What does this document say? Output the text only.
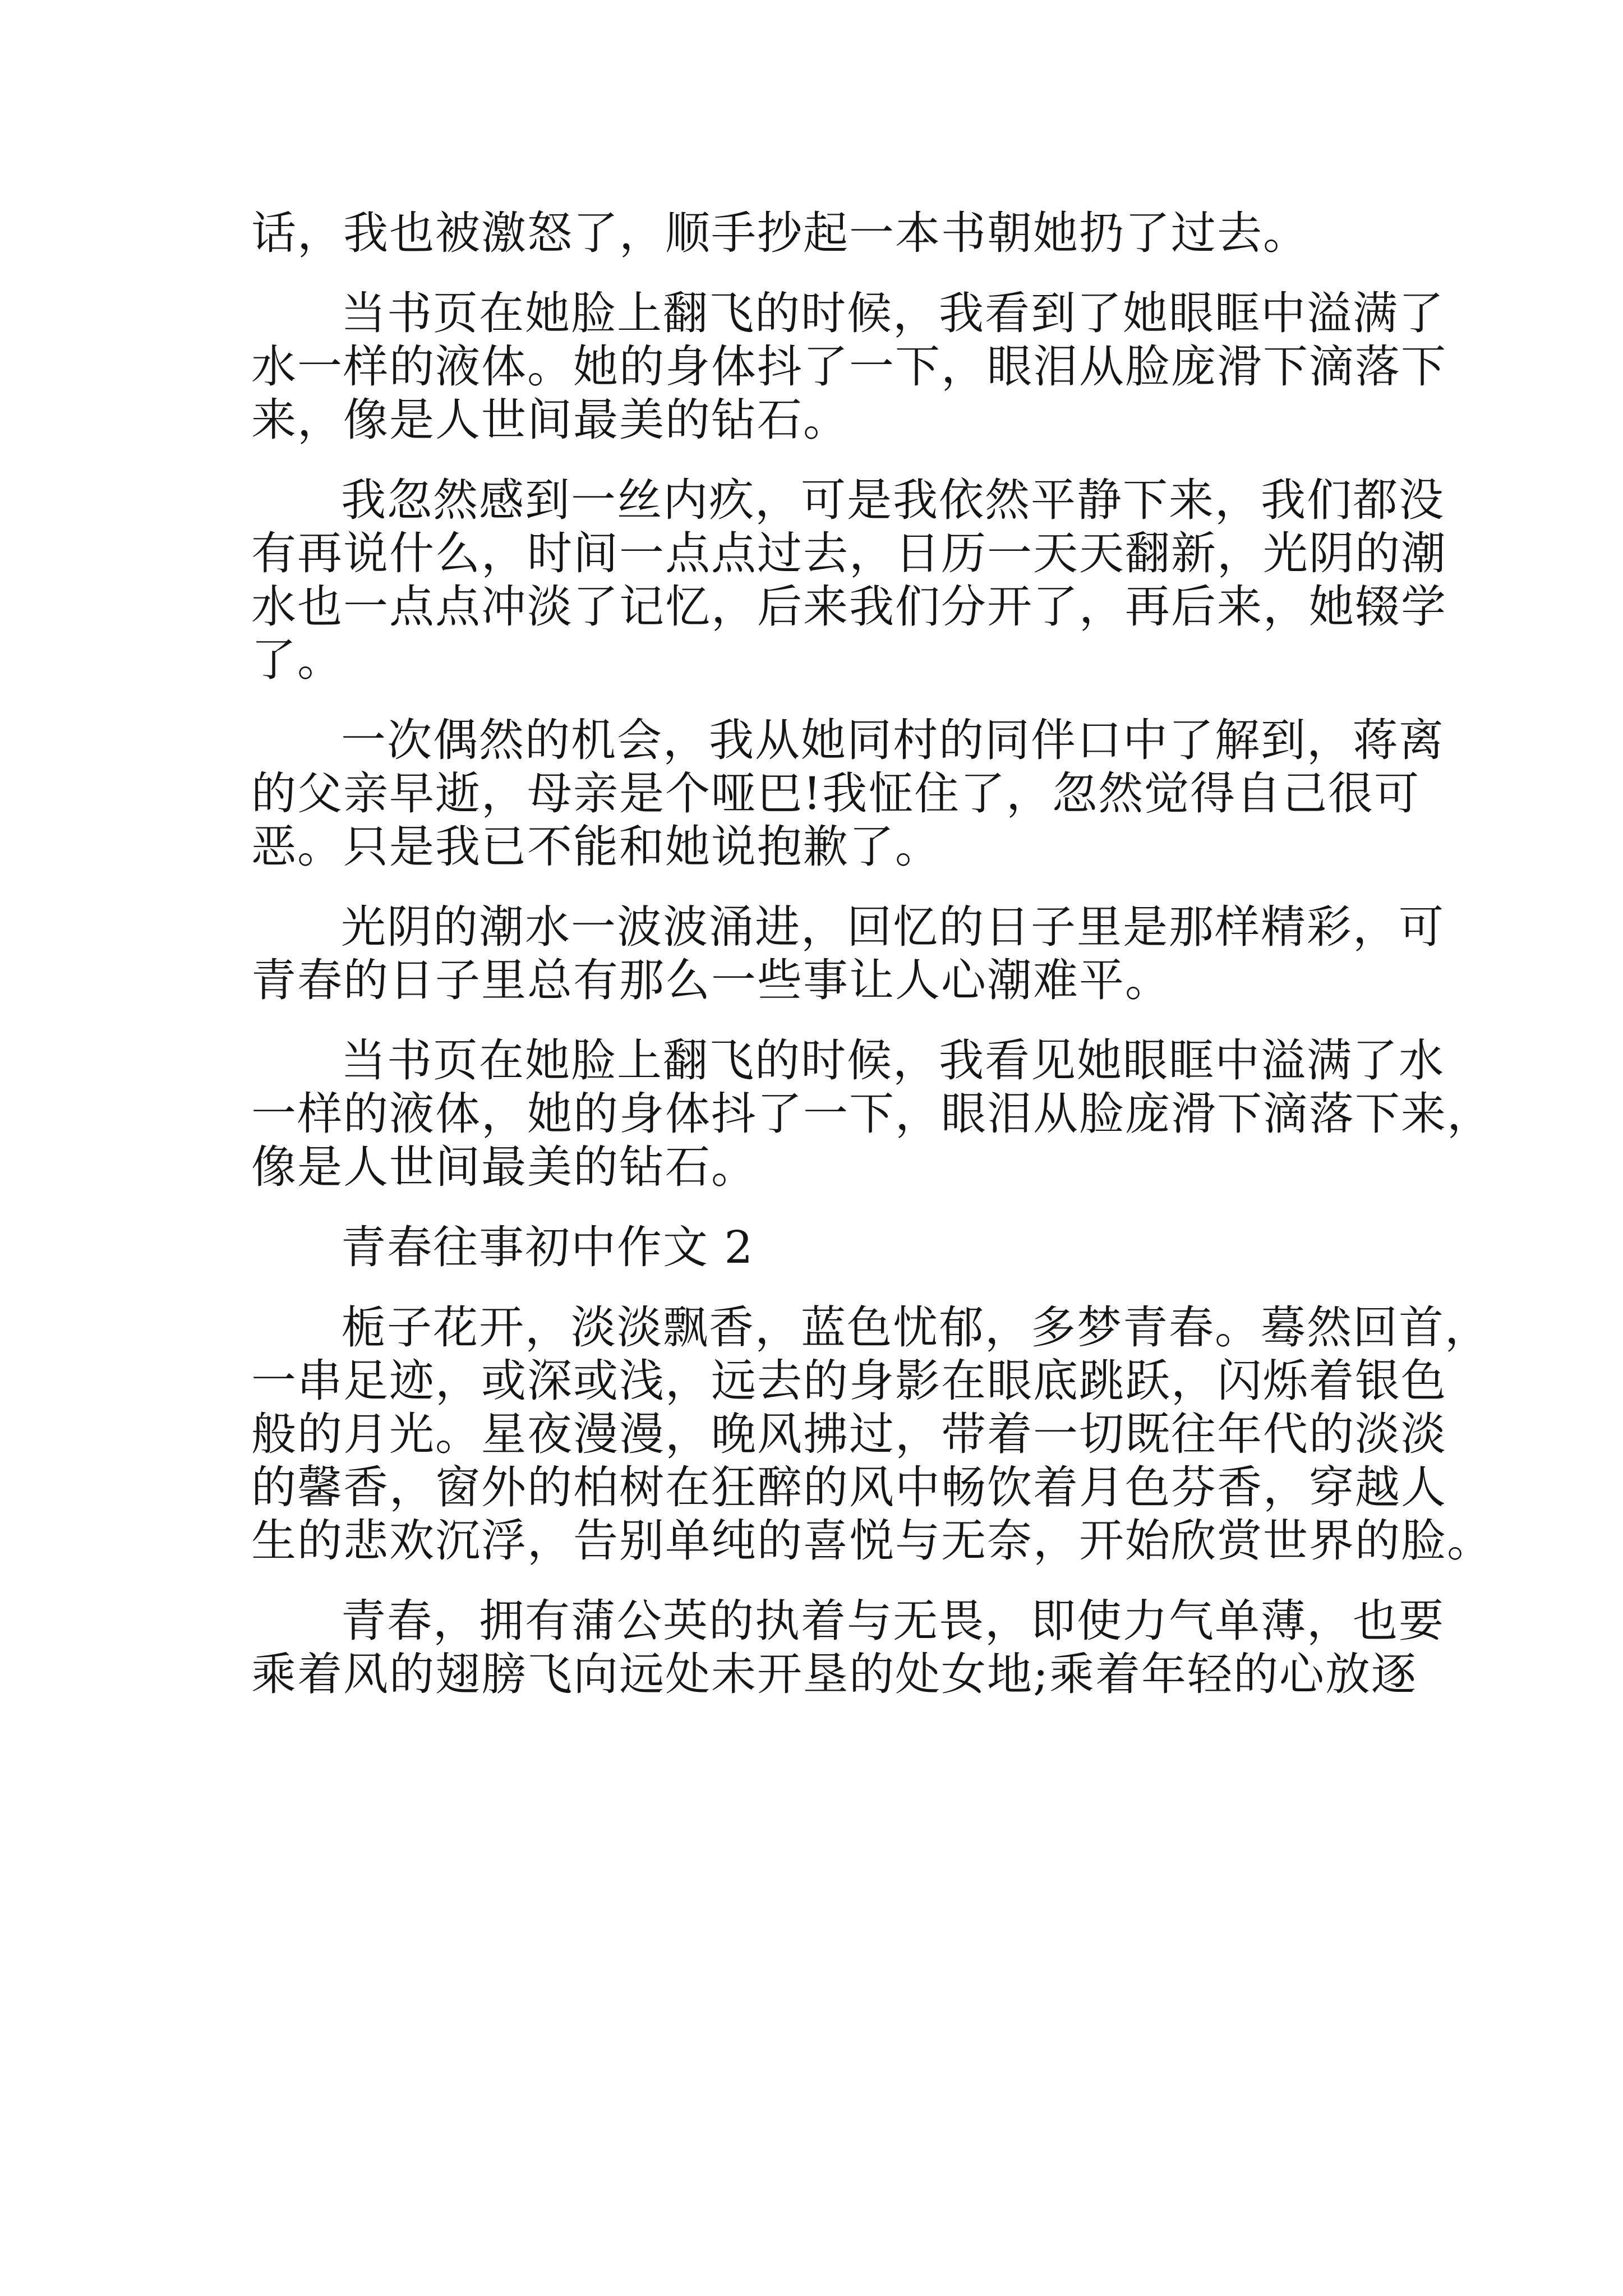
话，我也被激怒了，顺手抄起一本书朝她扔了过去。
当书页在她脸上翻飞的时候，我看到了她眼眶中溢满了
水一样的液体。她的身体抖了一下，眼泪从脸庞滑下滴落下
来，像是人世间最美的钻石。
我忽然感到一丝内疚，可是我依然平静下来，我们都没
有再说什么，时间一点点过去，日历一天天翻新，光阴的潮
水也一点点冲淡了记忆，后来我们分开了，再后来，她辍学
了。
一次偶然的机会，我从她同村的同伴口中了解到，蒋离
的父亲早逝，母亲是个哑巴!我怔住了，忽然觉得自己很可
恶。只是我已不能和她说抱歉了。
光阴的潮水一波波涌进，回忆的日子里是那样精彩，可
青春的日子里总有那么一些事让人心潮难平。
当书页在她脸上翻飞的时候，我看见她眼眶中溢满了水
一样的液体，她的身体抖了一下，眼泪从脸庞滑下滴落下来，
像是人世间最美的钻石。
青春往事初中作文 2
栀子花开，淡淡飘香，蓝色忧郁，多梦青春。蓦然回首，
一串足迹，或深或浅，远去的身影在眼底跳跃，闪烁着银色
般的月光。星夜漫漫，晚风拂过，带着一切既往年代的淡淡
的馨香，窗外的柏树在狂醉的风中畅饮着月色芬香，穿越人
生的悲欢沉浮，告别单纯的喜悦与无奈，开始欣赏世界的脸。
青春，拥有蒲公英的执着与无畏，即使力气单薄，也要
乘着风的翅膀飞向远处未开垦的处女地;乘着年轻的心放逐
